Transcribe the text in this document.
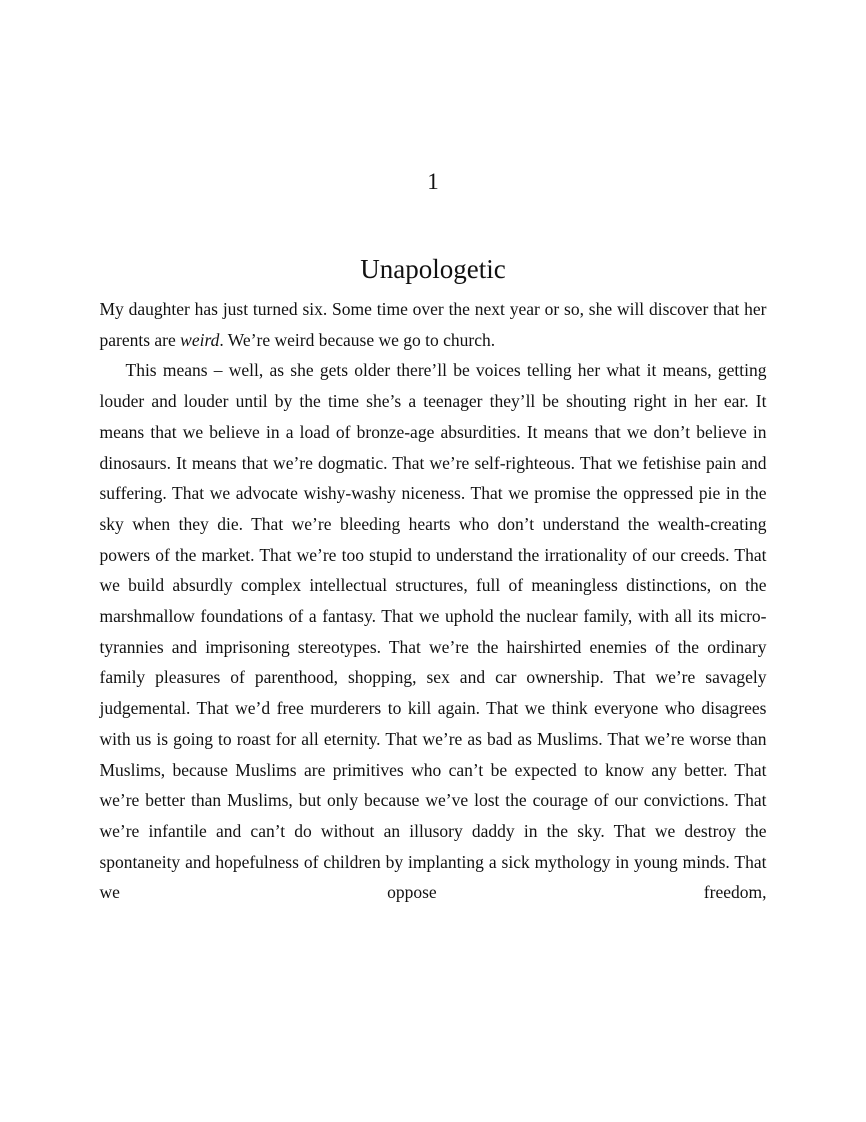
1
Unapologetic

My daughter has just turned six. Some time over the next year or so, she will discover that her parents are weird. We’re weird because we go to church.

This means – well, as she gets older there’ll be voices telling her what it means, getting louder and louder until by the time she’s a teenager they’ll be shouting right in her ear. It means that we believe in a load of bronze-age absurdities. It means that we don’t believe in dinosaurs. It means that we’re dogmatic. That we’re self-righteous. That we fetishise pain and suffering. That we advocate wishy-washy niceness. That we promise the oppressed pie in the sky when they die. That we’re bleeding hearts who don’t understand the wealth-creating powers of the market. That we’re too stupid to understand the irrationality of our creeds. That we build absurdly complex intellectual structures, full of meaningless distinctions, on the marshmallow foundations of a fantasy. That we uphold the nuclear family, with all its micro-tyrannies and imprisoning stereotypes. That we’re the hairshirted enemies of the ordinary family pleasures of parenthood, shopping, sex and car ownership. That we’re savagely judgemental. That we’d free murderers to kill again. That we think everyone who disagrees with us is going to roast for all eternity. That we’re as bad as Muslims. That we’re worse than Muslims, because Muslims are primitives who can’t be expected to know any better. That we’re better than Muslims, but only because we’ve lost the courage of our convictions. That we’re infantile and can’t do without an illusory daddy in the sky. That we destroy the spontaneity and hopefulness of children by implanting a sick mythology in young minds. That we oppose freedom,
